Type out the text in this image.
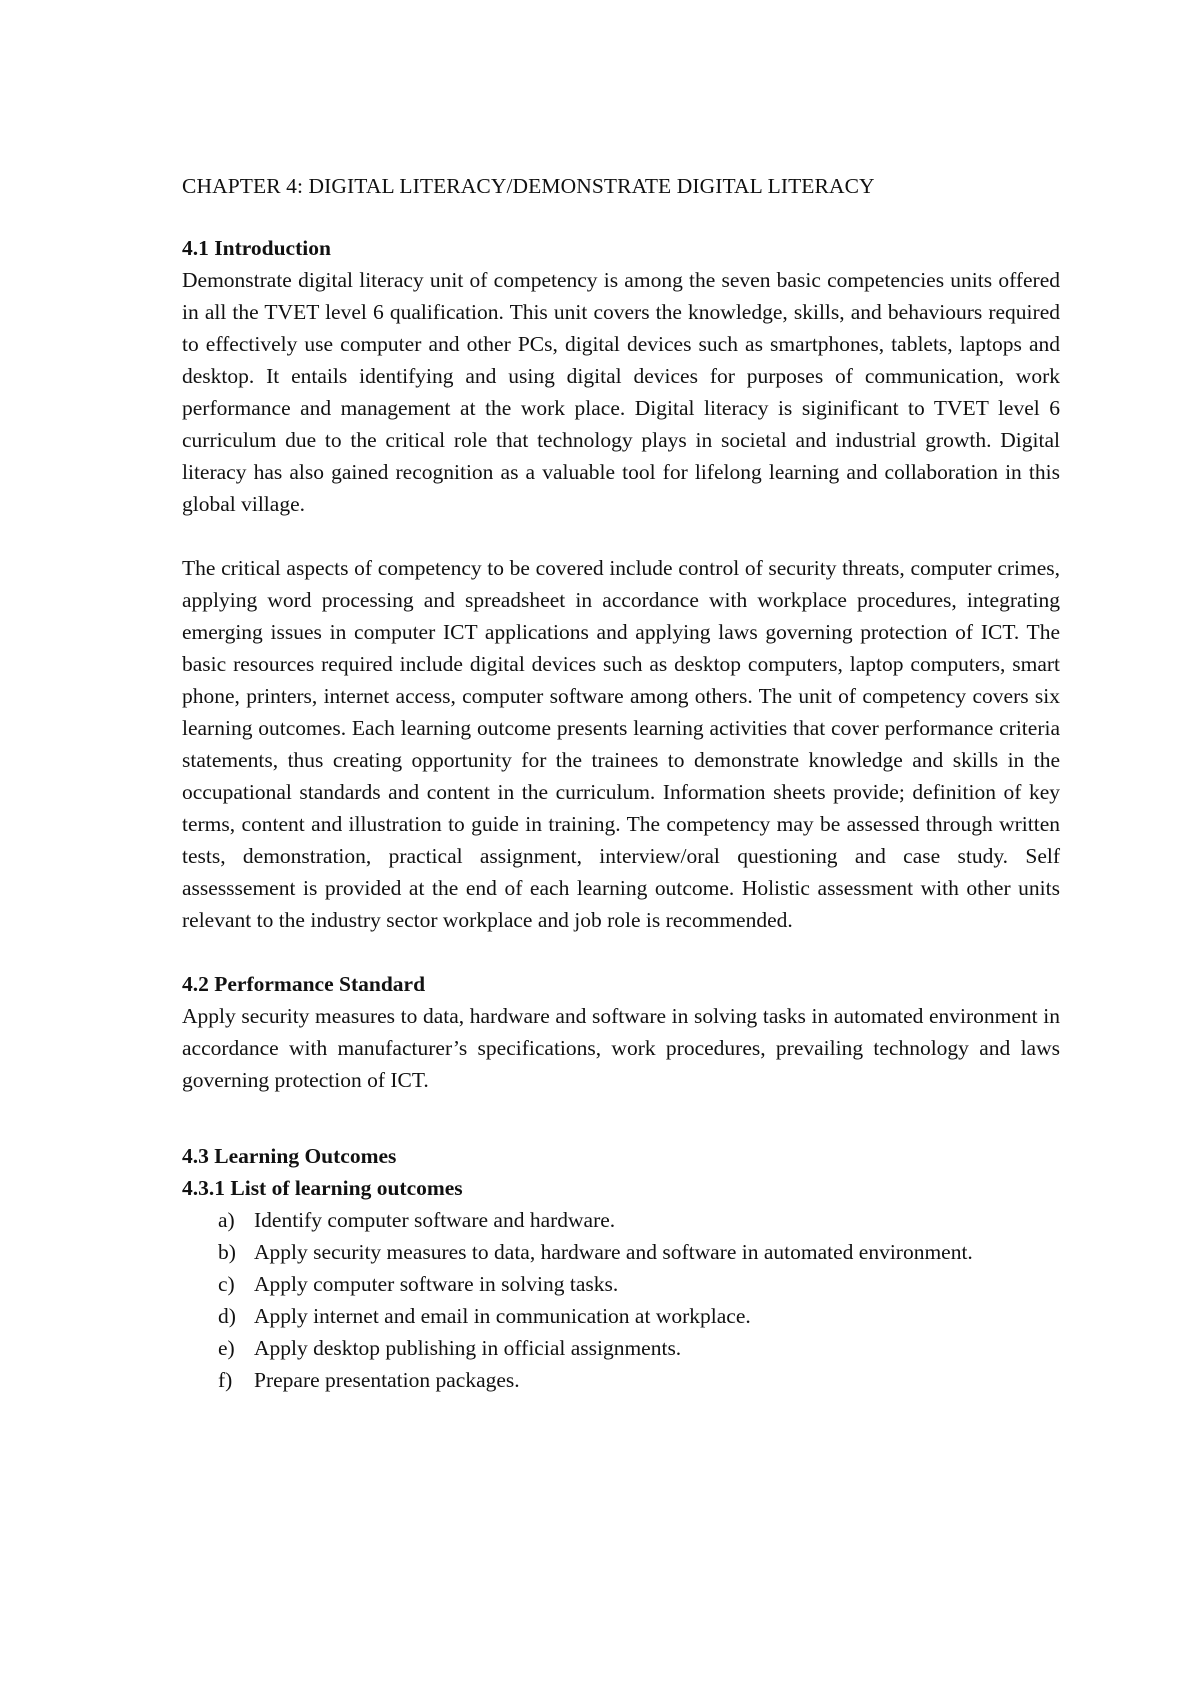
CHAPTER 4: DIGITAL LITERACY/DEMONSTRATE DIGITAL LITERACY
4.1 Introduction

Demonstrate digital literacy unit of competency is among the seven basic competencies units offered in all the TVET level 6 qualification. This unit covers the knowledge, skills, and behaviours required to effectively use computer and other PCs, digital devices such as smartphones, tablets, laptops and desktop. It entails identifying and using digital devices for purposes of communication, work performance and management at the work place. Digital literacy is siginificant to TVET level 6 curriculum due to the critical role that technology plays in societal and industrial growth. Digital literacy has also gained recognition as a valuable tool for lifelong learning and collaboration in this global village.

The critical aspects of competency to be covered include control of security threats, computer crimes, applying word processing and spreadsheet in accordance with workplace procedures, integrating emerging issues in computer ICT applications and applying laws governing protection of ICT. The basic resources required include digital devices such as desktop computers, laptop computers, smart phone, printers, internet access, computer software among others. The unit of competency covers six learning outcomes. Each learning outcome presents learning activities that cover performance criteria statements, thus creating opportunity for the trainees to demonstrate knowledge and skills in the occupational standards and content in the curriculum. Information sheets provide; definition of key terms, content and illustration to guide in training. The competency may be assessed through written tests, demonstration, practical assignment, interview/oral questioning and case study. Self assesssement is provided at the end of each learning outcome. Holistic assessment with other units relevant to the industry sector workplace and job role is recommended.

4.2 Performance Standard

Apply security measures to data, hardware and software in solving tasks in automated environment in accordance with manufacturer’s specifications, work procedures, prevailing technology and laws governing protection of ICT.

4.3 Learning Outcomes
4.3.1 List of learning outcomes
a) Identify computer software and hardware.
b) Apply security measures to data, hardware and software in automated environment.
c) Apply computer software in solving tasks.
d) Apply internet and email in communication at workplace.
e) Apply desktop publishing in official assignments.
f)	Prepare presentation packages.
